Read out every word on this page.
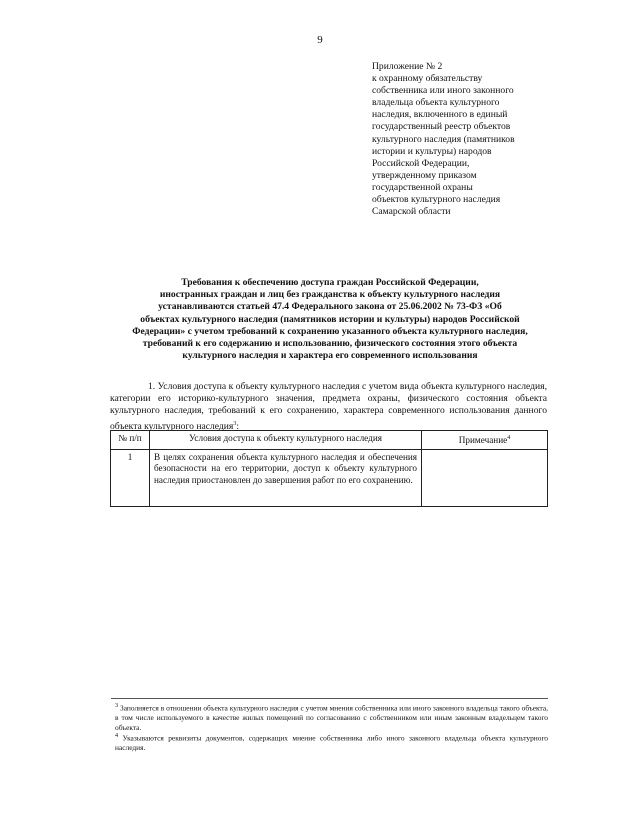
9
Приложение № 2
к охранному обязательству
собственника или иного законного
владельца объекта культурного
наследия, включенного в единый
государственный реестр объектов
культурного наследия (памятников
истории и культуры) народов
Российской Федерации,
утвержденному приказом
государственной охраны
объектов культурного наследия
Самарской области
Требования к обеспечению доступа граждан Российской Федерации,
иностранных граждан и лиц без гражданства к объекту культурного наследия
устанавливаются статьей 47.4 Федерального закона от 25.06.2002 № 73-ФЗ «Об
объектах культурного наследия (памятников истории и культуры) народов Российской
Федерации» с учетом требований к сохранению указанного объекта культурного наследия,
требований к его содержанию и использованию, физического состояния этого объекта
культурного наследия и характера его современного использования
1. Условия доступа к объекту культурного наследия с учетом вида объекта культурного наследия, категории его историко-культурного значения, предмета охраны, физического состояния объекта культурного наследия, требований к его сохранению, характера современного использования данного объекта культурного наследия$^3$:
№ п/п	Условия доступа к объекту культурного наследия	Примечание$^4$
1	В целях сохранения объекта культурного наследия и обеспечения безопасности на его территории, доступ к объекту культурного наследия приостановлен до завершения работ по его сохранению.	

$^3$ Заполняется в отношении объекта культурного наследия с учетом мнения собственника или иного законного владельца такого объекта, в том числе используемого в качестве жилых помещений по согласованию с собственником или иным законным владельцем такого объекта.

$^4$ Указываются реквизиты документов, содержащих мнение собственника либо иного законного владельца объекта культурного наследия.
